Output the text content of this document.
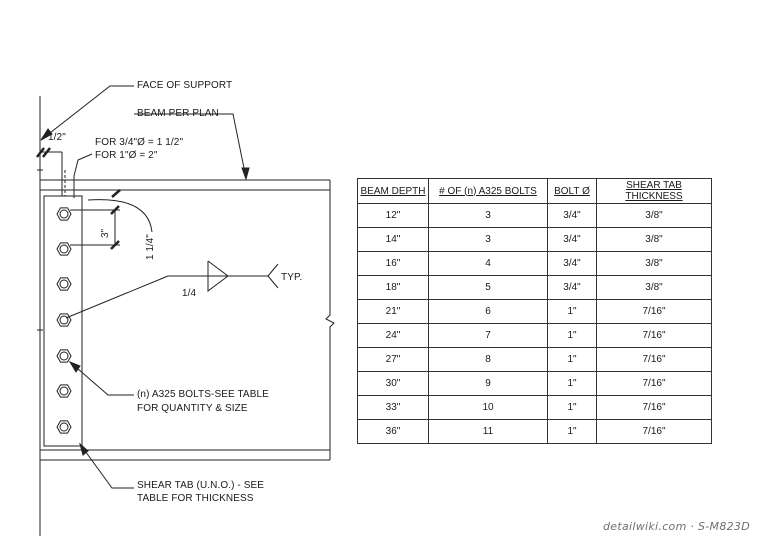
FACE OF SUPPORT
BEAM PER PLAN
1/2"	FOR 3/4"Ø = 1 1/2"
FOR 1"Ø = 2"
3"
1 1/4"
1/4
TYP.
(n) A325 BOLTS-SEE TABLE
FOR QUANTITY & SIZE
SHEAR TAB (U.N.O.) - SEE
TABLE FOR THICKNESS
BEAM DEPTH	# OF (n) A325 BOLTS	BOLT Ø	SHEAR TAB THICKNESS
12"	3	3/4"	3/8"
14"	3	3/4"	3/8"
16"	4	3/4"	3/8"
18"	5	3/4"	3/8"
21"	6	1"	7/16"
24"	7	1"	7/16"
27"	8	1"	7/16"
30"	9	1"	7/16"
33"	10	1"	7/16"
36"	11	1"	7/16"
detailwiki.com · S-M823D
